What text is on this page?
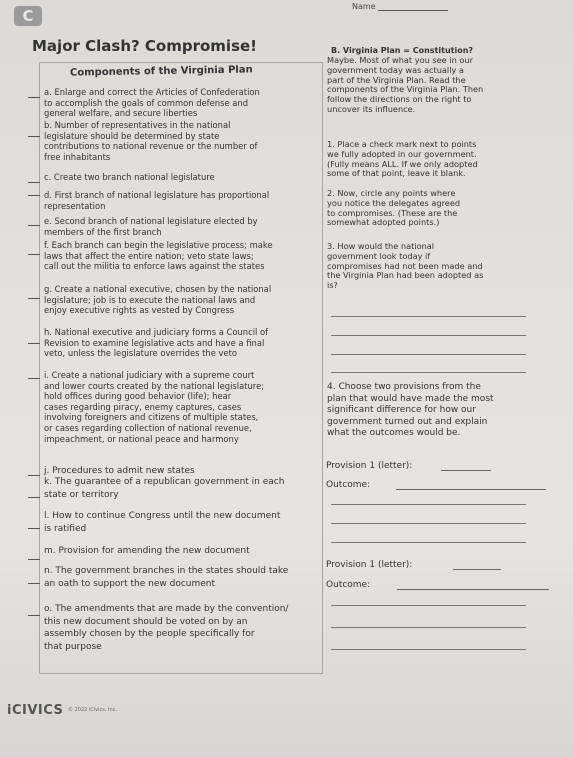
C
Name
Major Clash? Compromise!
Components of the Virginia Plan
a. Enlarge and correct the Articles of Confederation
to accomplish the goals of common defense and
general welfare, and secure liberties
b. Number of representatives in the national
legislature should be determined by state
contributions to national revenue or the number of
free inhabitants
c. Create two branch national legislature
d. First branch of national legislature has proportional
representation
e. Second branch of national legislature elected by
members of the first branch
f. Each branch can begin the legislative process; make
laws that affect the entire nation; veto state laws;
call out the militia to enforce laws against the states
g. Create a national executive, chosen by the national
legislature; job is to execute the national laws and
enjoy executive rights as vested by Congress
h. National executive and judiciary forms a Council of
Revision to examine legislative acts and have a final
veto, unless the legislature overrides the veto
i. Create a national judiciary with a supreme court
and lower courts created by the national legislature;
hold offices during good behavior (life); hear
cases regarding piracy, enemy captures, cases
involving foreigners and citizens of multiple states,
or cases regarding collection of national revenue,
impeachment, or national peace and harmony
j. Procedures to admit new states
k. The guarantee of a republican government in each
state or territory
l. How to continue Congress until the new document
is ratified
m. Provision for amending the new document
n. The government branches in the states should take
an oath to support the new document
o. The amendments that are made by the convention/
this new document should be voted on by an
assembly chosen by the people specifically for
that purpose
B. Virginia Plan = Constitution?
Maybe. Most of what you see in our
government today was actually a
part of the Virginia Plan. Read the
components of the Virginia Plan. Then
follow the directions on the right to
uncover its influence.
1. Place a check mark next to points
we fully adopted in our government.
(Fully means ALL. If we only adopted
some of that point, leave it blank.
2. Now, circle any points where
you notice the delegates agreed
to compromises. (These are the
somewhat adopted points.)
3. How would the national
government look today if
compromises had not been made and
the Virginia Plan had been adopted as
is?
4. Choose two provisions from the
plan that would have made the most
significant difference for how our
government turned out and explain
what the outcomes would be.
Provision 1 (letter):
Outcome:
Provision 1 (letter):
Outcome:
iCIVICS © 2022 iCivics, Inc.
